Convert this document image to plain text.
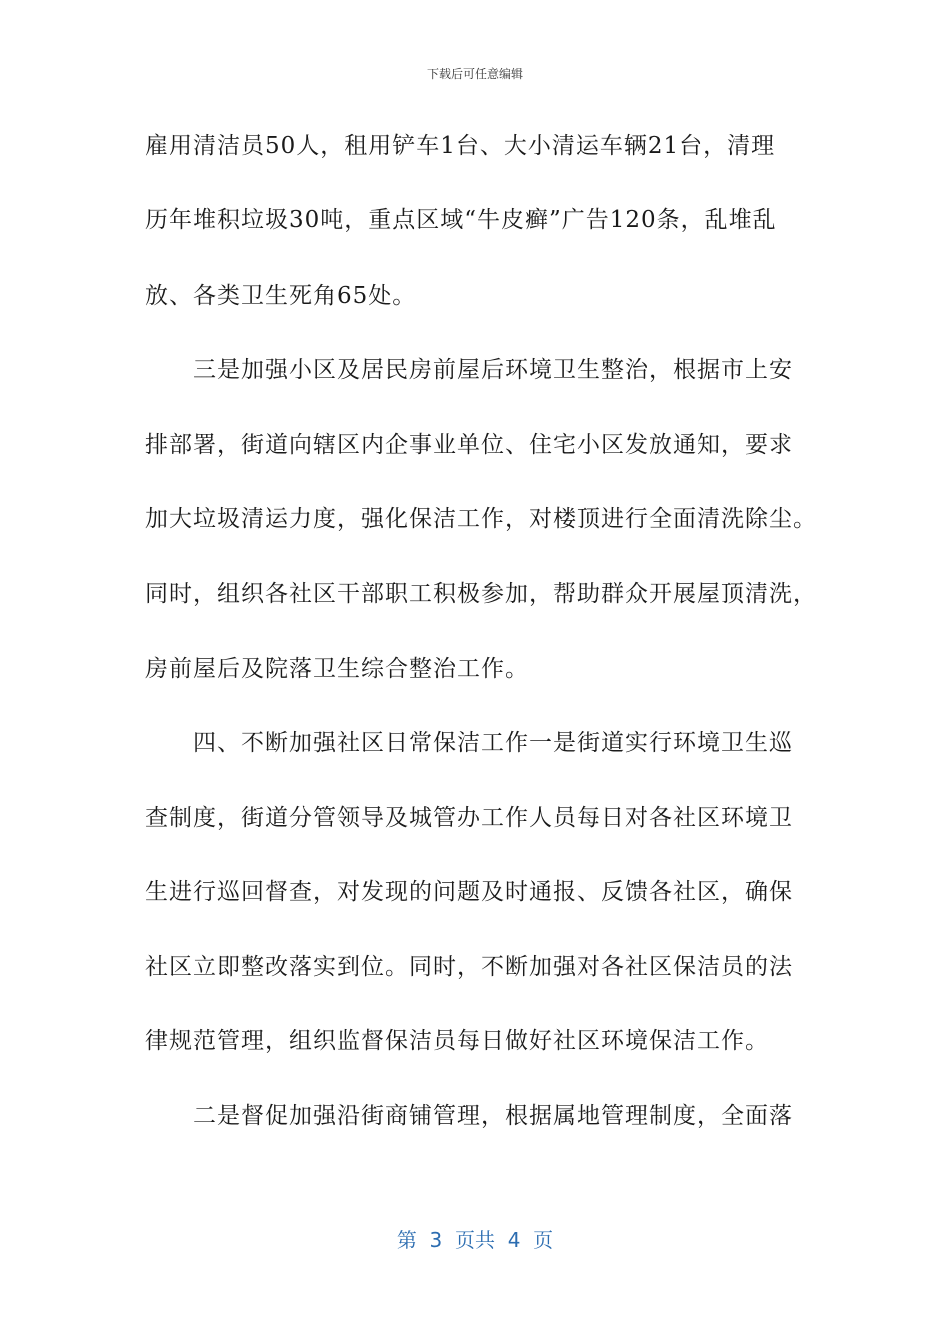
下载后可任意编辑
雇用清洁员50人，租用铲车1台、大小清运车辆21台，清理
历年堆积垃圾30吨，重点区域“牛皮癣”广告120条，乱堆乱
放、各类卫生死角65处。
三是加强小区及居民房前屋后环境卫生整治，根据市上安
排部署，街道向辖区内企事业单位、住宅小区发放通知，要求
加大垃圾清运力度，强化保洁工作，对楼顶进行全面清洗除尘。
同时，组织各社区干部职工积极参加，帮助群众开展屋顶清洗，
房前屋后及院落卫生综合整治工作。
四、不断加强社区日常保洁工作一是街道实行环境卫生巡
查制度，街道分管领导及城管办工作人员每日对各社区环境卫
生进行巡回督查，对发现的问题及时通报、反馈各社区，确保
社区立即整改落实到位。同时，不断加强对各社区保洁员的法
律规范管理，组织监督保洁员每日做好社区环境保洁工作。
二是督促加强沿街商铺管理，根据属地管理制度，全面落
第  3  页共  4  页
